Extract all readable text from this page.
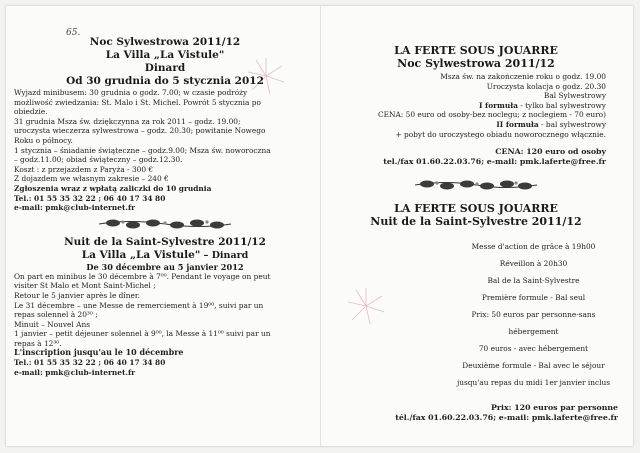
65.
Noc Sylwestrowa 2011/12
La Villa „La Vistule"
Dinard
Od 30 grudnia do 5 stycznia 2012

Wyjazd minibusem: 30 grudnia o godz. 7.00; w czasie podróży

możliwość zwiedzania: St. Malo i St. Michel. Powrót 5 stycznia po

obiedzie.

31 grudnia Msza św. dziękczynna za rok 2011 – godz. 19.00;

uroczysta wieczerza sylwestrowa – godz. 20.30; powitanie Nowego

Roku o północy.

1 stycznia – śniadanie świąteczne – godz.9.00; Msza św. noworoczna

– godz.11.00; obiad świąteczny – godz.12.30.

Koszt : z przejazdem z Paryża - 300 €

Z dojazdem we własnym zakresie – 240 €

Zgłoszenia wraz z wpłatą zaliczki do 10 grudnia

Tel.: 01 55 35 32 22 ; 06 40 17 34 80

e-mail: pmk@club-internet.fr

Nuit de la Saint-Sylvestre 2011/12
La Villa „La Vistule" – Dinard
De 30 décembre au 5 janvier 2012

On part en minibus le 30 décembre à 7⁰⁰. Pendant le voyage on peut

visiter St Malo et Mont Saint-Michel ;

Retour le 5 janvier après le dîner.

Le 31 décembre – une Messe de remerciement à 19⁰⁰, suivi par un

repas solennel à 20³⁰ ;

Minuit – Nouvel Ans

1 janvier – petit déjeuner solennel à 9⁰⁰, la Messe à 11⁰⁰ suivi par un

repas à 12³⁰.

L'inscription jusqu'au le 10 décembre

Tel.: 01 55 35 32 22 ; 06 40 17 34 80

e-mail: pmk@club-internet.fr

LA FERTE SOUS JOUARRE
Noc Sylwestrowa 2011/12

Msza św. na zakończenie roku o godz. 19.00

Uroczysta kolacja o godz. 20.30

Bal Sylwestrowy

I formuła - tylko bal sylwestrowy

CENA: 50 euro od osoby-bez noclegu; z noclegiem - 70 euro)

II formuła - bal sylwestrowy

+ pobyt do uroczystego obiadu noworocznego włącznie.

CENA: 120 euro od osoby

tel./fax 01.60.22.03.76; e-mail: pmk.laferte@free.fr

LA FERTE SOUS JOUARRE
Nuit de la Saint-Sylvestre 2011/12

Messe d'action de grâce à 19h00

Réveillon à 20h30

Bal de la Saint-Sylvestre

Première formule - Bal seul

Prix: 50 euros par personne-sans

hébergement

70 euros - avec hébergement

Deuxième formule - Bal avec le séjour

jusqu'au repas du midi 1er janvier inclus

Prix: 120 euros par personne

tél./fax 01.60.22.03.76; e-mail: pmk.laferte@free.fr
